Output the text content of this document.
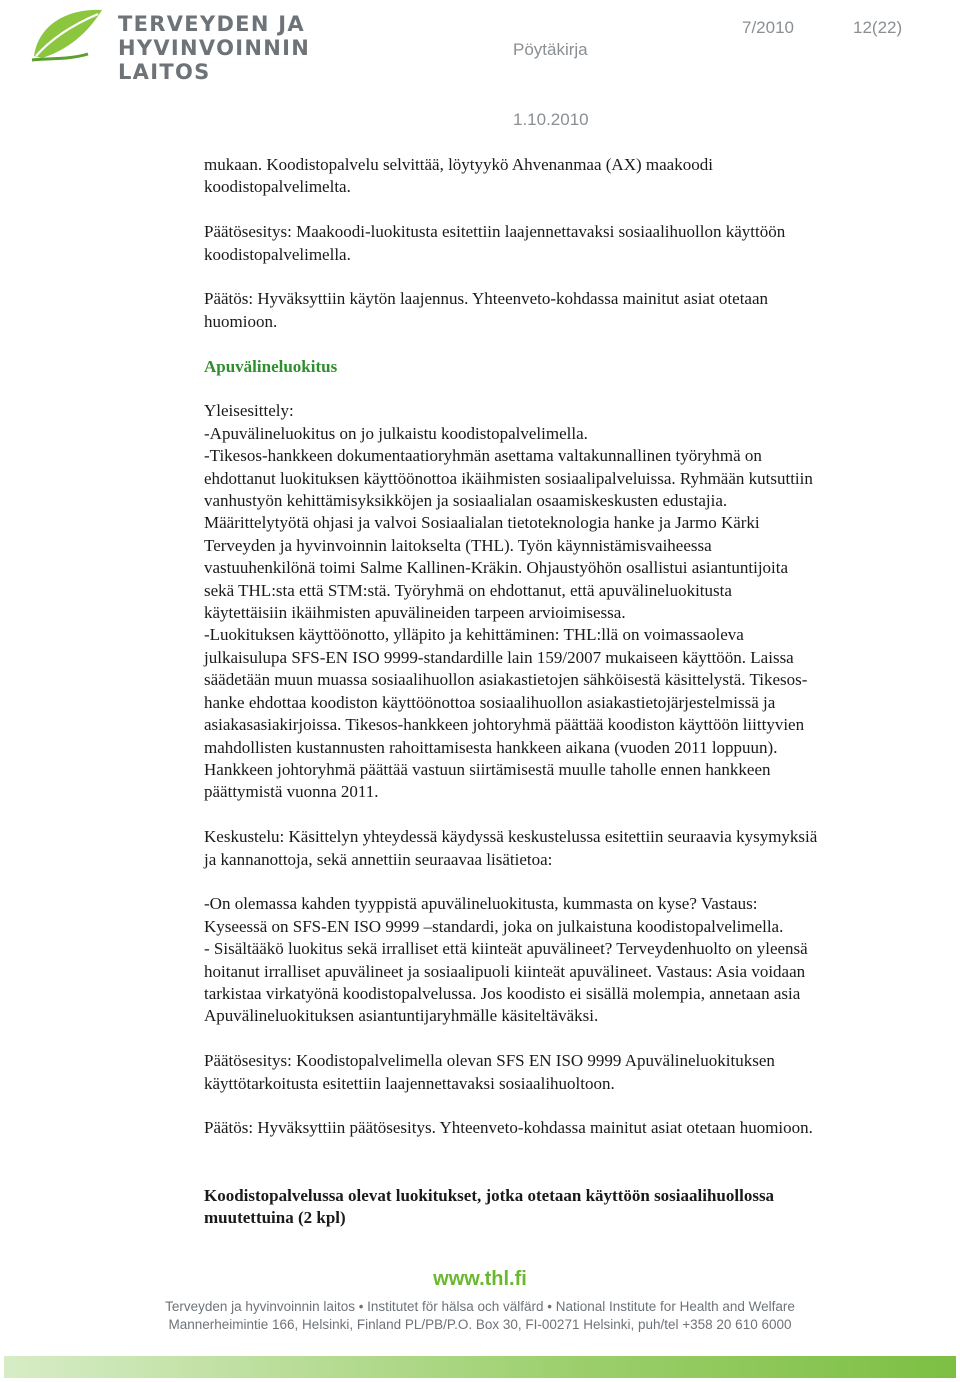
TERVEYDEN JA
HYVINVOINNIN LAITOS
Pöytäkirja
7/2010	12(22)
1.10.2010

mukaan. Koodistopalvelu selvittää, löytyykö Ahvenanmaa (AX) maakoodi

koodistopalvelimelta.

Päätösesitys: Maakoodi-luokitusta esitettiin laajennettavaksi sosiaalihuollon käyttöön

koodistopalvelimella.

Päätös: Hyväksyttiin käytön laajennus. Yhteenveto-kohdassa mainitut asiat otetaan

huomioon.

Apuvälineluokitus

Yleisesittely:

-Apuvälineluokitus on jo julkaistu koodistopalvelimella.

-Tikesos-hankkeen dokumentaatioryhmän asettama valtakunnallinen työryhmä on

ehdottanut luokituksen käyttöönottoa ikäihmisten sosiaalipalveluissa. Ryhmään kutsuttiin

vanhustyön kehittämisyksikköjen ja sosiaalialan osaamiskeskusten edustajia.

Määrittelytyötä ohjasi ja valvoi Sosiaalialan tietoteknologia hanke ja Jarmo Kärki

Terveyden ja hyvinvoinnin laitokselta (THL). Työn käynnistämisvaiheessa

vastuuhenkilönä toimi Salme Kallinen-Kräkin. Ohjaustyöhön osallistui asiantuntijoita

sekä THL:sta että STM:stä. Työryhmä on ehdottanut, että apuvälineluokitusta

käytettäisiin ikäihmisten apuvälineiden tarpeen arvioimisessa.

-Luokituksen käyttöönotto, ylläpito ja kehittäminen: THL:llä on voimassaoleva

julkaisulupa SFS-EN ISO 9999-standardille lain 159/2007 mukaiseen käyttöön. Laissa

säädetään muun muassa sosiaalihuollon asiakastietojen sähköisestä käsittelystä. Tikesos-

hanke ehdottaa koodiston käyttöönottoa sosiaalihuollon asiakastietojärjestelmissä ja

asiakasasiakirjoissa. Tikesos-hankkeen johtoryhmä päättää koodiston käyttöön liittyvien

mahdollisten kustannusten rahoittamisesta hankkeen aikana (vuoden 2011 loppuun).

Hankkeen johtoryhmä päättää vastuun siirtämisestä muulle taholle ennen hankkeen

päättymistä vuonna 2011.

Keskustelu: Käsittelyn yhteydessä käydyssä keskustelussa esitettiin seuraavia kysymyksiä

ja kannanottoja, sekä annettiin seuraavaa lisätietoa:

-On olemassa kahden tyyppistä apuvälineluokitusta, kummasta on kyse? Vastaus:

Kyseessä on SFS-EN ISO 9999 –standardi, joka on julkaistuna koodistopalvelimella.

- Sisältääkö luokitus sekä irralliset että kiinteät apuvälineet? Terveydenhuolto on yleensä

hoitanut irralliset apuvälineet ja sosiaalipuoli kiinteät apuvälineet. Vastaus: Asia voidaan

tarkistaa virkatyönä koodistopalvelussa. Jos koodisto ei sisällä molempia, annetaan asia

Apuvälineluokituksen asiantuntijaryhmälle käsiteltäväksi.

Päätösesitys: Koodistopalvelimella olevan SFS EN ISO 9999 Apuvälineluokituksen

käyttötarkoitusta esitettiin laajennettavaksi sosiaalihuoltoon.

Päätös: Hyväksyttiin päätösesitys. Yhteenveto-kohdassa mainitut asiat otetaan huomioon.

Koodistopalvelussa olevat luokitukset, jotka otetaan käyttöön sosiaalihuollossa

muutettuina (2 kpl)

www.thl.fi
Terveyden ja hyvinvoinnin laitos • Institutet för hälsa och välfärd • National Institute for Health and Welfare
Mannerheimintie 166, Helsinki, Finland PL/PB/P.O. Box 30, FI-00271 Helsinki, puh/tel +358 20 610 6000
